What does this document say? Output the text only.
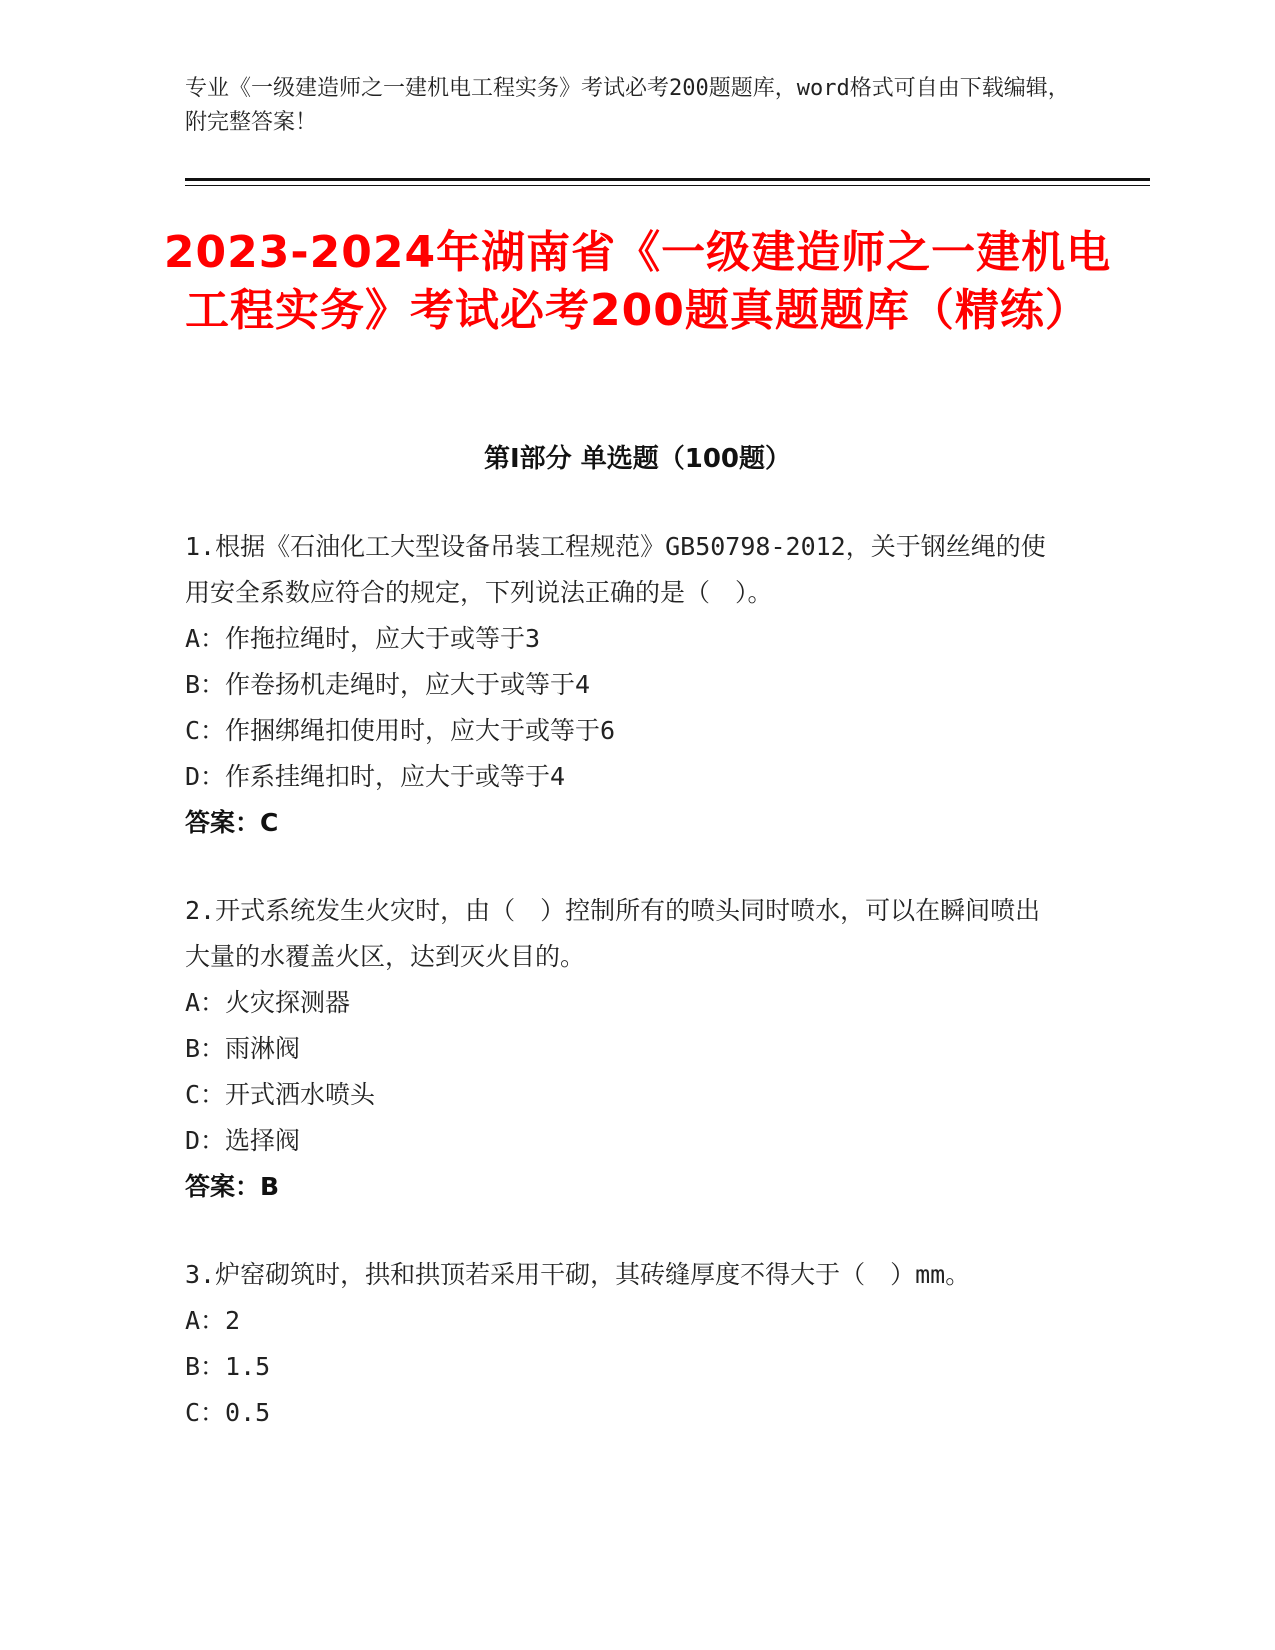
专业《一级建造师之一建机电工程实务》考试必考200题题库，word格式可自由下载编辑，附完整答案！
2023-2024年湖南省《一级建造师之一建机电工程实务》考试必考200题真题题库（精练）
第I部分 单选题（100题）

1.根据《石油化工大型设备吊装工程规范》GB50798-2012，关于钢丝绳的使用安全系数应符合的规定，下列说法正确的是（　）。

A：作拖拉绳时，应大于或等于3

B：作卷扬机走绳时，应大于或等于4

C：作捆绑绳扣使用时，应大于或等于6

D：作系挂绳扣时，应大于或等于4

答案：C

2.开式系统发生火灾时，由（　）控制所有的喷头同时喷水，可以在瞬间喷出大量的水覆盖火区，达到灭火目的。

A：火灾探测器

B：雨淋阀

C：开式洒水喷头

D：选择阀

答案：B

3.炉窑砌筑时，拱和拱顶若采用干砌，其砖缝厚度不得大于（　）mm。

A：2

B：1.5

C：0.5
